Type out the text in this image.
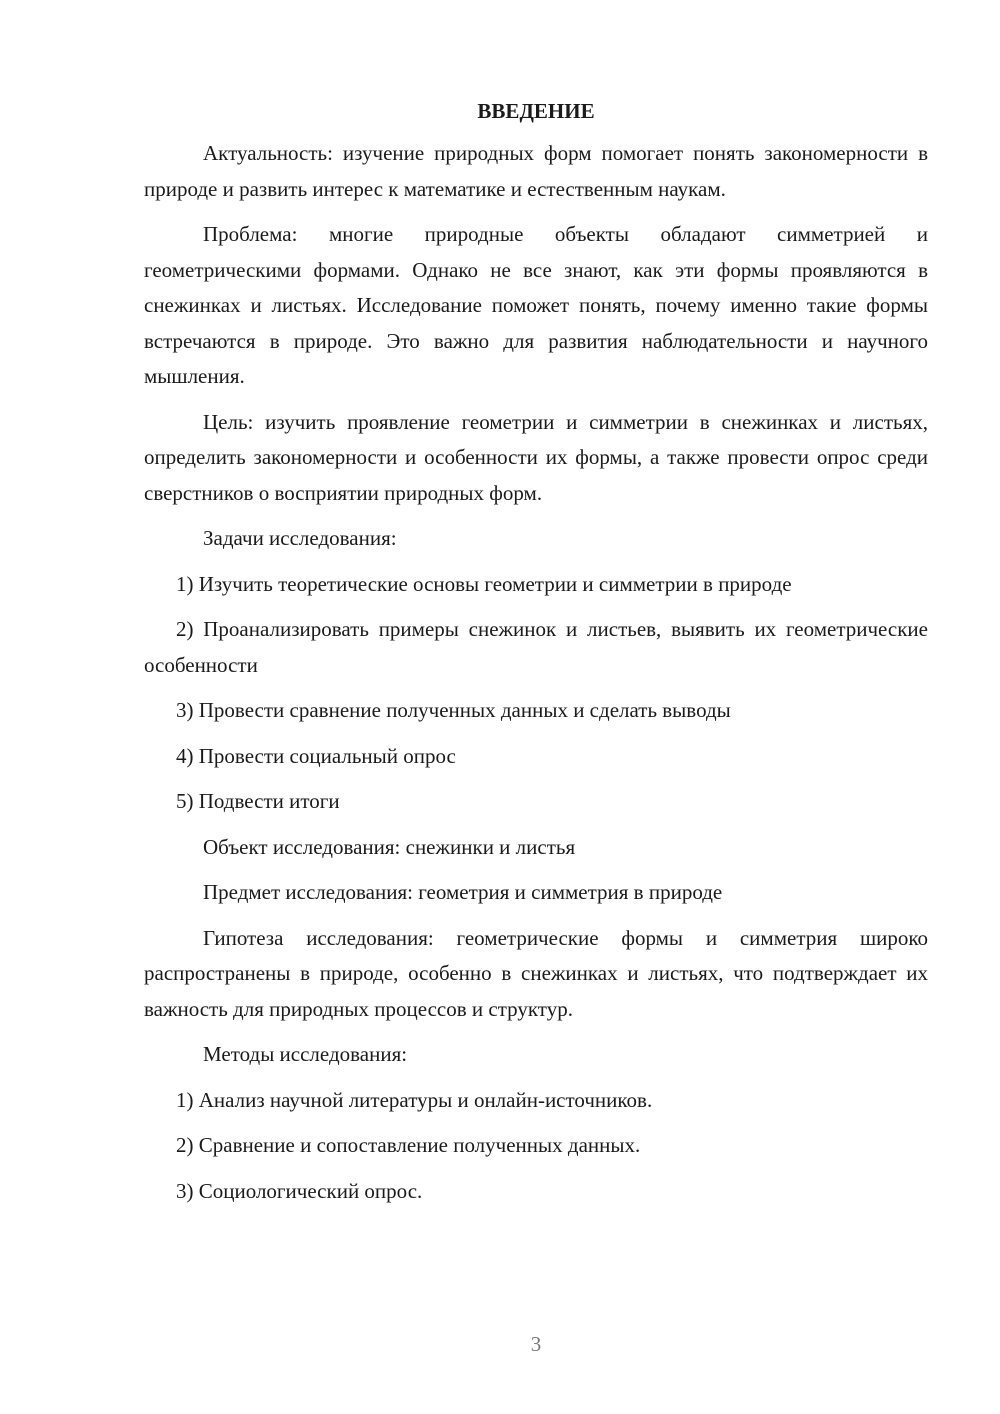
ВВЕДЕНИЕ

Актуальность: изучение природных форм помогает понять закономерности в природе и развить интерес к математике и естественным наукам.

Проблема: многие природные объекты обладают симметрией и геометрическими формами. Однако не все знают, как эти формы проявляются в снежинках и листьях. Исследование поможет понять, почему именно такие формы встречаются в природе. Это важно для развития наблюдательности и научного мышления.

Цель: изучить проявление геометрии и симметрии в снежинках и листьях, определить закономерности и особенности их формы, а также провести опрос среди сверстников о восприятии природных форм.

Задачи исследования:

1) Изучить теоретические основы геометрии и симметрии в природе

2) Проанализировать примеры снежинок и листьев, выявить их геометрические особенности

3) Провести сравнение полученных данных и сделать выводы

4) Провести социальный опрос

5) Подвести итоги

Объект исследования: снежинки и листья

Предмет исследования: геометрия и симметрия в природе

Гипотеза исследования: геометрические формы и симметрия широко распространены в природе, особенно в снежинках и листьях, что подтверждает их важность для природных процессов и структур.

Методы исследования:

1) Анализ научной литературы и онлайн-источников.

2) Сравнение и сопоставление полученных данных.

3) Социологический опрос.

3
